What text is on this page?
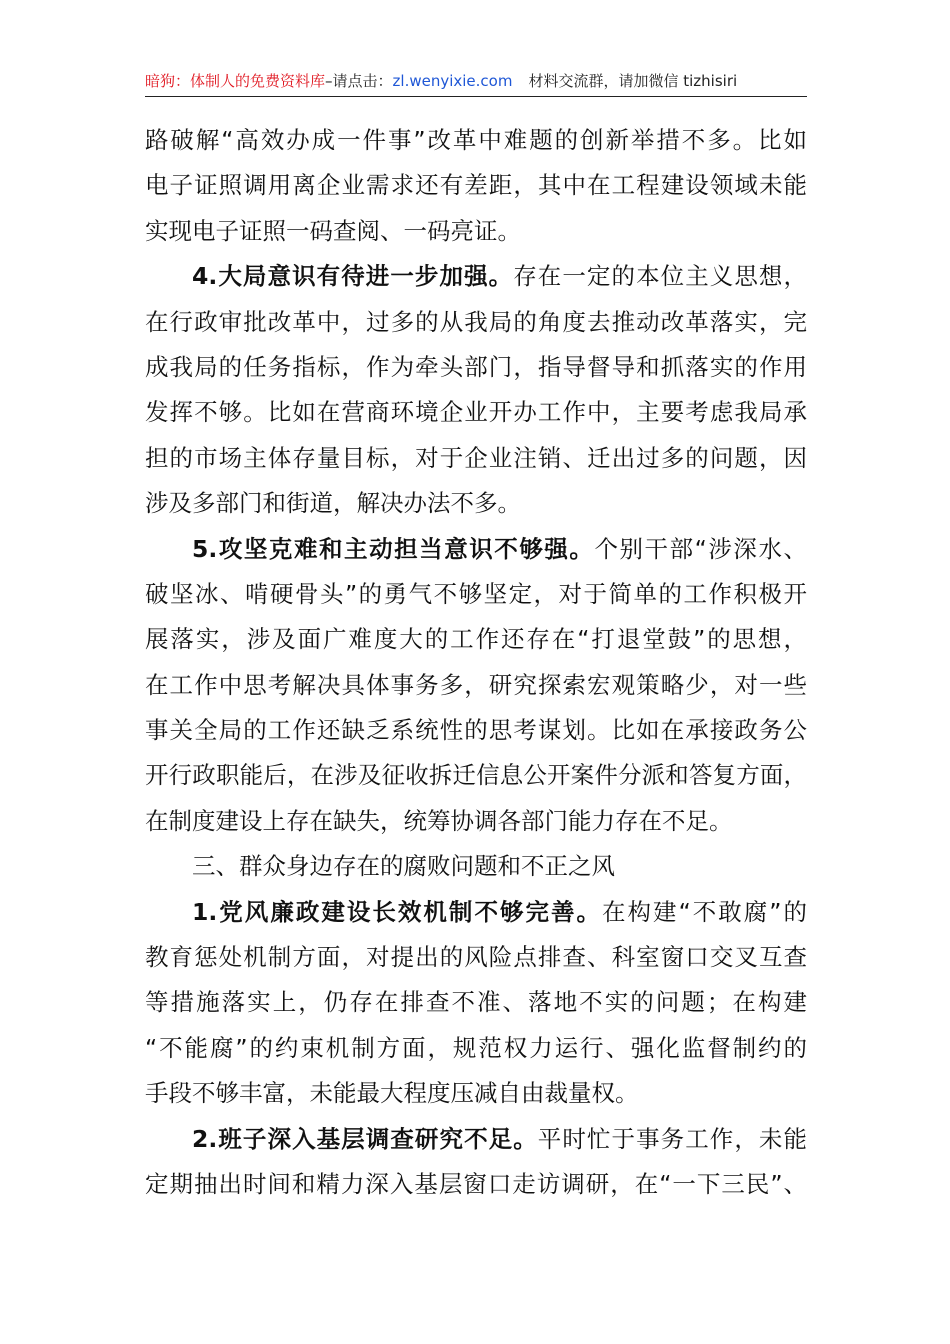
暗狗：体制人的免费资料库–请点击：zl.wenyixie.com 材料交流群，请加微信 tizhisiri
路破解“高效办成一件事”改革中难题的创新举措不多。比如
电子证照调用离企业需求还有差距，其中在工程建设领域未能
实现电子证照一码查阅、一码亮证。
4.大局意识有待进一步加强。存在一定的本位主义思想，
在行政审批改革中，过多的从我局的角度去推动改革落实，完
成我局的任务指标，作为牵头部门，指导督导和抓落实的作用
发挥不够。比如在营商环境企业开办工作中，主要考虑我局承
担的市场主体存量目标，对于企业注销、迁出过多的问题，因
涉及多部门和街道，解决办法不多。
5.攻坚克难和主动担当意识不够强。个别干部“涉深水、
破坚冰、啃硬骨头”的勇气不够坚定，对于简单的工作积极开
展落实，涉及面广难度大的工作还存在“打退堂鼓”的思想，
在工作中思考解决具体事务多，研究探索宏观策略少，对一些
事关全局的工作还缺乏系统性的思考谋划。比如在承接政务公
开行政职能后，在涉及征收拆迁信息公开案件分派和答复方面，
在制度建设上存在缺失，统筹协调各部门能力存在不足。
三、群众身边存在的腐败问题和不正之风
1.党风廉政建设长效机制不够完善。在构建“不敢腐”的
教育惩处机制方面，对提出的风险点排查、科室窗口交叉互查
等措施落实上，仍存在排查不准、落地不实的问题；在构建
“不能腐”的约束机制方面，规范权力运行、强化监督制约的
手段不够丰富，未能最大程度压减自由裁量权。
2.班子深入基层调查研究不足。平时忙于事务工作，未能
定期抽出时间和精力深入基层窗口走访调研，在“一下三民”、
